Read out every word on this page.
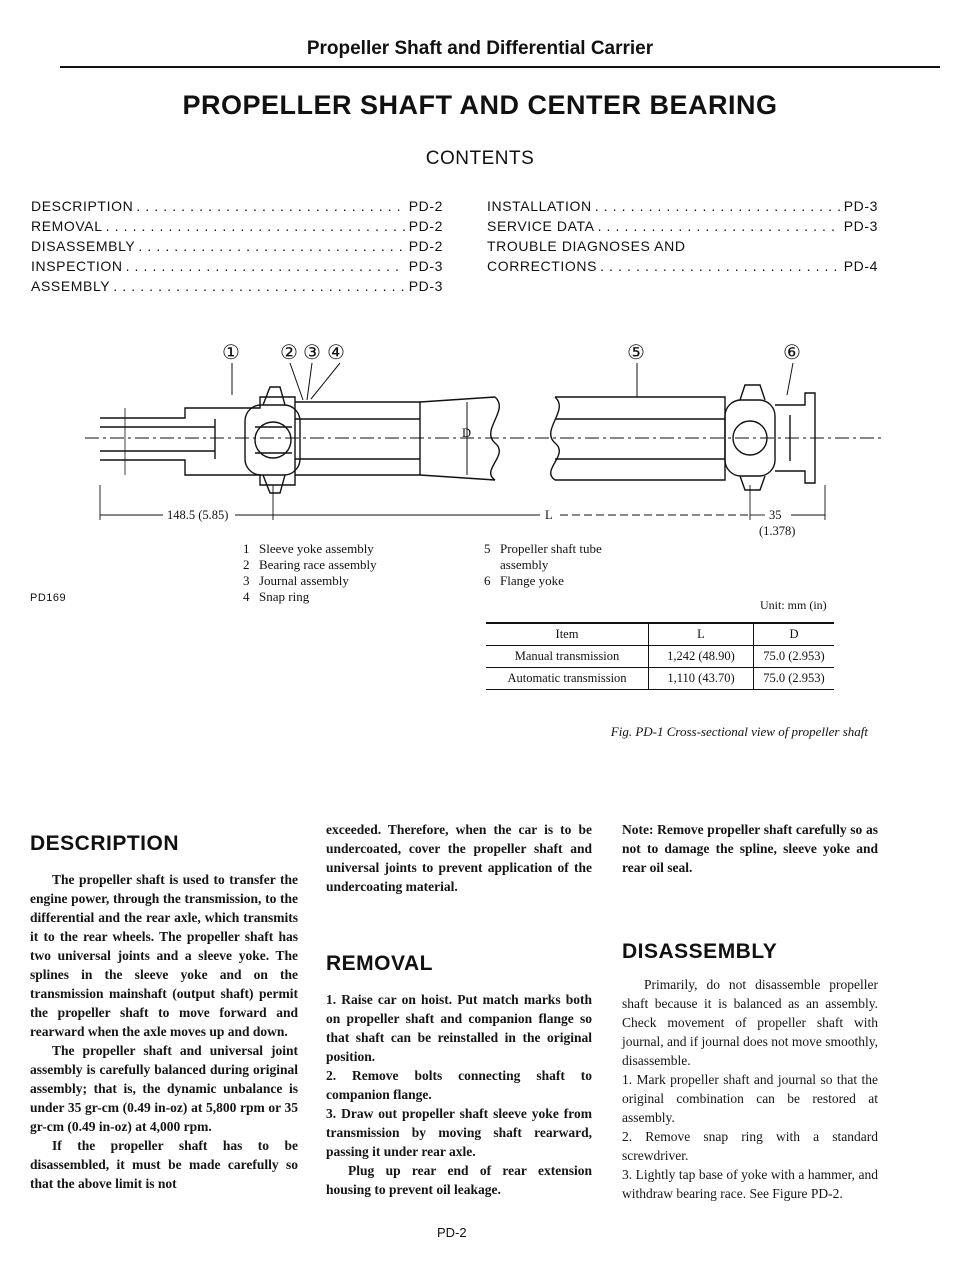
Propeller Shaft and Differential Carrier
PROPELLER SHAFT AND CENTER BEARING
CONTENTS
DESCRIPTION . . .	PD-2
REMOVAL . . .	PD-2
DISASSEMBLY . . .	PD-2
INSPECTION . . .	PD-3
ASSEMBLY . . .	PD-3
INSTALLATION . . .	PD-3
SERVICE DATA . . .	PD-3
TROUBLE DIAGNOSES AND
CORRECTIONS . . .	PD-4
① ② ③ ④	⑤	⑥
D
148.5 (5.85)	L	35
(1.378)
PD169
1 Sleeve yoke assembly
2 Bearing race assembly
3 Journal assembly
4 Snap ring
5 Propeller shaft tube assembly
6 Flange yoke
Unit: mm (in)
Item	L	D
Manual transmission	1,242 (48.90)	75.0 (2.953)
Automatic transmission	1,110 (43.70)	75.0 (2.953)
Fig. PD-1 Cross-sectional view of propeller shaft
DESCRIPTION

The propeller shaft is used to transfer the engine power, through the transmission, to the differential and the rear axle, which transmits it to the rear wheels. The propeller shaft has two universal joints and a sleeve yoke. The splines in the sleeve yoke and on the transmission mainshaft (output shaft) permit the propeller shaft to move forward and rearward when the axle moves up and down.

The propeller shaft and universal joint assembly is carefully balanced during original assembly; that is, the dynamic unbalance is under 35 gr-cm (0.49 in-oz) at 5,800 rpm or 35 gr-cm (0.49 in-oz) at 4,000 rpm.

If the propeller shaft has to be disassembled, it must be made carefully so that the above limit is not

exceeded. Therefore, when the car is to be undercoated, cover the propeller shaft and universal joints to prevent application of the undercoating material.

REMOVAL

1. Raise car on hoist. Put match marks both on propeller shaft and companion flange so that shaft can be reinstalled in the original position.

2. Remove bolts connecting shaft to companion flange.

3. Draw out propeller shaft sleeve yoke from transmission by moving shaft rearward, passing it under rear axle.

Plug up rear end of rear extension housing to prevent oil leakage.

Note: Remove propeller shaft carefully so as not to damage the spline, sleeve yoke and rear oil seal.

DISASSEMBLY

Primarily, do not disassemble propeller shaft because it is balanced as an assembly. Check movement of propeller shaft with journal, and if journal does not move smoothly, disassemble.

1. Mark propeller shaft and journal so that the original combination can be restored at assembly.

2. Remove snap ring with a standard screwdriver.

3. Lightly tap base of yoke with a hammer, and withdraw bearing race. See Figure PD-2.

PD-2
